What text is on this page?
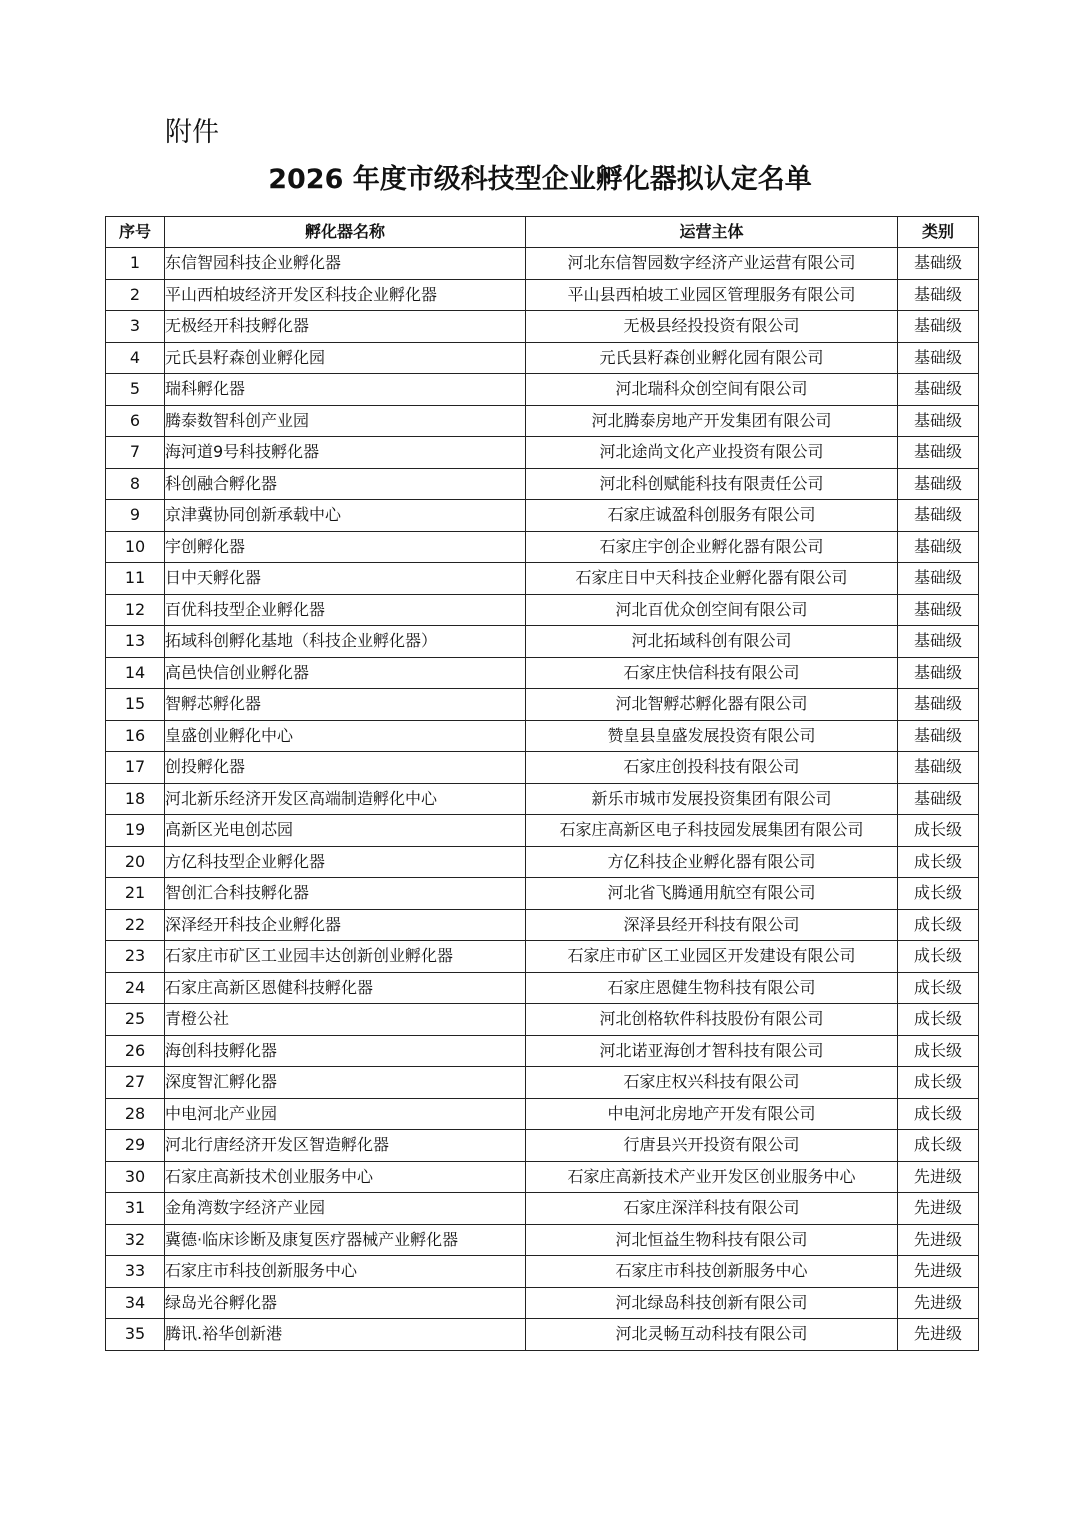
附件
2026 年度市级科技型企业孵化器拟认定名单
序号	孵化器名称	运营主体	类别
1	东信智园科技企业孵化器	河北东信智园数字经济产业运营有限公司	基础级
2	平山西柏坡经济开发区科技企业孵化器	平山县西柏坡工业园区管理服务有限公司	基础级
3	无极经开科技孵化器	无极县经投投资有限公司	基础级
4	元氏县籽森创业孵化园	元氏县籽森创业孵化园有限公司	基础级
5	瑞科孵化器	河北瑞科众创空间有限公司	基础级
6	腾泰数智科创产业园	河北腾泰房地产开发集团有限公司	基础级
7	海河道9号科技孵化器	河北途尚文化产业投资有限公司	基础级
8	科创融合孵化器	河北科创赋能科技有限责任公司	基础级
9	京津冀协同创新承载中心	石家庄诚盈科创服务有限公司	基础级
10	宇创孵化器	石家庄宇创企业孵化器有限公司	基础级
11	日中天孵化器	石家庄日中天科技企业孵化器有限公司	基础级
12	百优科技型企业孵化器	河北百优众创空间有限公司	基础级
13	拓域科创孵化基地（科技企业孵化器）	河北拓域科创有限公司	基础级
14	高邑快信创业孵化器	石家庄快信科技有限公司	基础级
15	智孵芯孵化器	河北智孵芯孵化器有限公司	基础级
16	皇盛创业孵化中心	赞皇县皇盛发展投资有限公司	基础级
17	创投孵化器	石家庄创投科技有限公司	基础级
18	河北新乐经济开发区高端制造孵化中心	新乐市城市发展投资集团有限公司	基础级
19	高新区光电创芯园	石家庄高新区电子科技园发展集团有限公司	成长级
20	方亿科技型企业孵化器	方亿科技企业孵化器有限公司	成长级
21	智创汇合科技孵化器	河北省飞腾通用航空有限公司	成长级
22	深泽经开科技企业孵化器	深泽县经开科技有限公司	成长级
23	石家庄市矿区工业园丰达创新创业孵化器	石家庄市矿区工业园区开发建设有限公司	成长级
24	石家庄高新区恩健科技孵化器	石家庄恩健生物科技有限公司	成长级
25	青橙公社	河北创格软件科技股份有限公司	成长级
26	海创科技孵化器	河北诺亚海创才智科技有限公司	成长级
27	深度智汇孵化器	石家庄权兴科技有限公司	成长级
28	中电河北产业园	中电河北房地产开发有限公司	成长级
29	河北行唐经济开发区智造孵化器	行唐县兴开投资有限公司	成长级
30	石家庄高新技术创业服务中心	石家庄高新技术产业开发区创业服务中心	先进级
31	金角湾数字经济产业园	石家庄深洋科技有限公司	先进级
32	冀德·临床诊断及康复医疗器械产业孵化器	河北恒益生物科技有限公司	先进级
33	石家庄市科技创新服务中心	石家庄市科技创新服务中心	先进级
34	绿岛光谷孵化器	河北绿岛科技创新有限公司	先进级
35	腾讯.裕华创新港	河北灵畅互动科技有限公司	先进级
